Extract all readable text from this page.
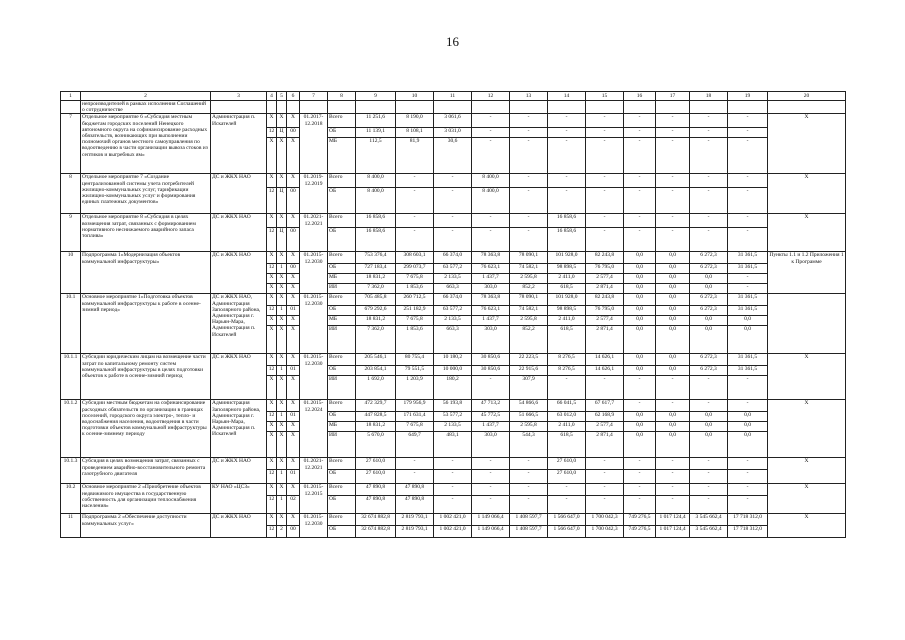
16
1	2	3	4	5	6	7	8	9	10	11	12	13	14	15	16	17	18	19	20
	непроизводителей в рамках исполнения Соглашений о сотрудничестве																		
7	Отдельное мероприятие 6 «Субсидия местным бюджетам городских поселений Ненецкого автономного округа на софинансирование расходных обязательств, возникающих при выполнении полномочий органов местного самоуправления по водоотведению в части организации вывоза стоков из септиков и выгребных ям»	Администрация п. Искателей	Х	Х	Х	01.2017-12.2018	Всего	11 251,6	8 190,0	3 061,6	-	-	-	-	-	-	-	-	Х
			12	Ц	00		ОБ	11 139,1	8 108,1	3 031,0	-	-	-	-	-	-	-	-	
			Х	Х	Х		МБ	112,5	81,9	30,6	-	-	-	-	-	-	-	-	
8	Отдельное мероприятие 7 «Создание централизованной системы учета потребителей жилищно-коммунальных услуг, тарификации жилищно-коммунальных услуг и формирования единых платежных документов»	ДС и ЖКХ НАО	Х	Х	Х	01.2019-12.2019	Всего	8 400,0	-	-	8 400,0	-	-	-	-	-	-	-	Х
			12	Ц	00		ОБ	8 400,0	-	-	8 400,0	-	-	-	-	-	-	-	
9	Отдельное мероприятие 8 «Субсидия в целях возмещения затрат, связанных с формированием нормативного неснижаемого аварийного запаса топлива»	ДС и ЖКХ НАО	Х	Х	Х	01.2021-12.2021	Всего	16 858,6	-	-	-	-	16 858,6	-	-	-	-	-	Х
			12	Ц	00		ОБ	16 858,6	-	-	-	-	16 858,6	-	-	-	-	-	
10	Подпрограмма 1«Модернизация объектов коммунальной инфраструктуры»	ДС и ЖКХ НАО	Х	Х	Х	01.2015-12.2030	Всего	753 376,4	308 603,1	66 374,0	78 363,8	78 090,1	101 928,0	82 243,8	0,0	0,0	6 272,3	31 361,5	Пункты 1.1 и 1.2 Приложения 1 к Программе
			12	1	00		ОБ	727 183,4	299 073,7	63 577,2	76 623,1	74 582,1	98 898,5	76 795,0	0,0	0,0	6 272,3	31 361,5	
			Х	Х	Х		МБ	18 831,2	7 675,8	2 133,5	1 437,7	2 595,8	2 411,0	2 577,4	0,0	0,0	0,0	-	
			Х	Х	Х		ИИ	7 362,0	1 853,6	663,3	303,0	852,2	618,5	2 871,4	0,0	0,0	0,0	-	
10.1	Основное мероприятие 1«Подготовка объектов коммунальной инфраструктуры к работе в осенне-зимний период»	ДС и ЖКХ НАО, Администрация Заполярного района, Администрация г. Нарьян-Мара, Администрация п. Искателей	Х	Х	Х	01.2015-12.2030	Всего	705 485,8	260 712,5	66 374,0	78 363,8	78 090,1	101 928,0	82 243,8	0,0	0,0	6 272,3	31 361,5	
			12	1	01		ОБ	679 292,6	251 182,9	63 577,2	76 623,1	74 582,1	98 898,5	76 795,0	0,0	0,0	6 272,3	31 361,5	
			Х	Х	Х		МБ	18 831,2	7 675,8	2 133,5	1 437,7	2 595,8	2 411,0	2 577,4	0,0	0,0	0,0	0,0	
			Х	Х	Х		ИИ	7 362,0	1 853,6	663,3	303,0	852,2	618,5	2 871,4	0,0	0,0	0,0	0,0	
10.1.1	Субсидии юридическим лицам на возмещение части затрат по капитальному ремонту систем коммунальной инфраструктуры в целях подготовки объектов к работе в осенне-зимний период	ДС и ЖКХ НАО	Х	Х	Х	01.2015-12.2030	Всего	205 546,1	80 755,4	10 180,2	30 850,6	22 223,5	8 276,5	14 626,1	0,0	0,0	6 272,3	31 361,5	Х
			12	1	01		ОБ	203 854,1	79 551,5	10 000,0	30 850,6	22 915,6	8 276,5	14 626,1	0,0	0,0	6 272,3	31 361,5	
			Х	Х	Х		ИИ	1 692,0	1 203,9	180,2	-	307,9	-	-	-	-	-	-	
10.1.2	Субсидии местным бюджетам на софинансирование расходных обязательств по организации в границах поселений, городского округа электро-, тепло- и водоснабжения населения, водоотведения в части подготовки объектов коммунальной инфраструктуры к осенне-зимнему периоду	Администрация Заполярного района, Администрация г. Нарьян-Мара, Администрация п. Искателей	Х	Х	Х	01.2015-12.2024	Всего	472 329,7	179 956,9	56 193,8	47 713,2	54 866,6	66 041,5	67 617,7	-	-	-	-	Х
			12	1	01		ОБ	447 828,5	171 631,4	53 577,2	45 772,5	51 666,5	63 012,0	62 168,9	0,0	0,0	0,0	0,0	
			Х	Х	Х		МБ	18 831,2	7 675,8	2 133,5	1 437,7	2 595,8	2 411,0	2 577,4	0,0	0,0	0,0	0,0	
			Х	Х	Х		ИИ	5 670,0	649,7	483,1	303,0	544,3	618,5	2 871,4	0,0	0,0	0,0	0,0	
10.1.3	Субсидия в целях возмещения затрат, связанных с проведением аварийно-восстановительного ремонта газотрубного двигателя	ДС и ЖКХ НАО	Х	Х	Х	01.2021-12.2021	Всего	27 610,0	-	-	-	-	27 610,0	-	-	-	-	-	Х
			12	1	01		ОБ	27 610,0	-	-	-	-	27 610,0	-	-	-	-	-	
10.2	Основное мероприятие 2 «Приобретение объектов недвижимого имущества в государственную собственность для организации теплоснабжения населения»	КУ НАО «ЦСЗ»	Х	Х	Х	01.2015-12.2015	Всего	47 890,8	47 890,8	-	-	-	-	-	-	-	-	-	Х
			12	1	02		ОБ	47 890,8	47 890,8	-	-	-	-	-	-	-	-	-	
11	Подпрограмма 2 «Обеспечение доступности коммунальных услуг»	ДС и ЖКХ НАО	Х	Х	Х	01.2015-12.2030	Всего	32 674 882,8	2 819 793,1	1 002 421,0	1 149 066,4	1 408 597,7	1 566 647,0	1 700 042,3	749 276,5	1 017 124,4	3 545 662,4	17 718 312,0	Х
			12	2	00		ОБ	32 674 882,8	2 819 793,1	1 002 421,0	1 149 066,4	1 408 597,7	1 566 647,0	1 700 042,3	749 276,5	1 017 124,4	3 545 662,4	17 718 312,0	
